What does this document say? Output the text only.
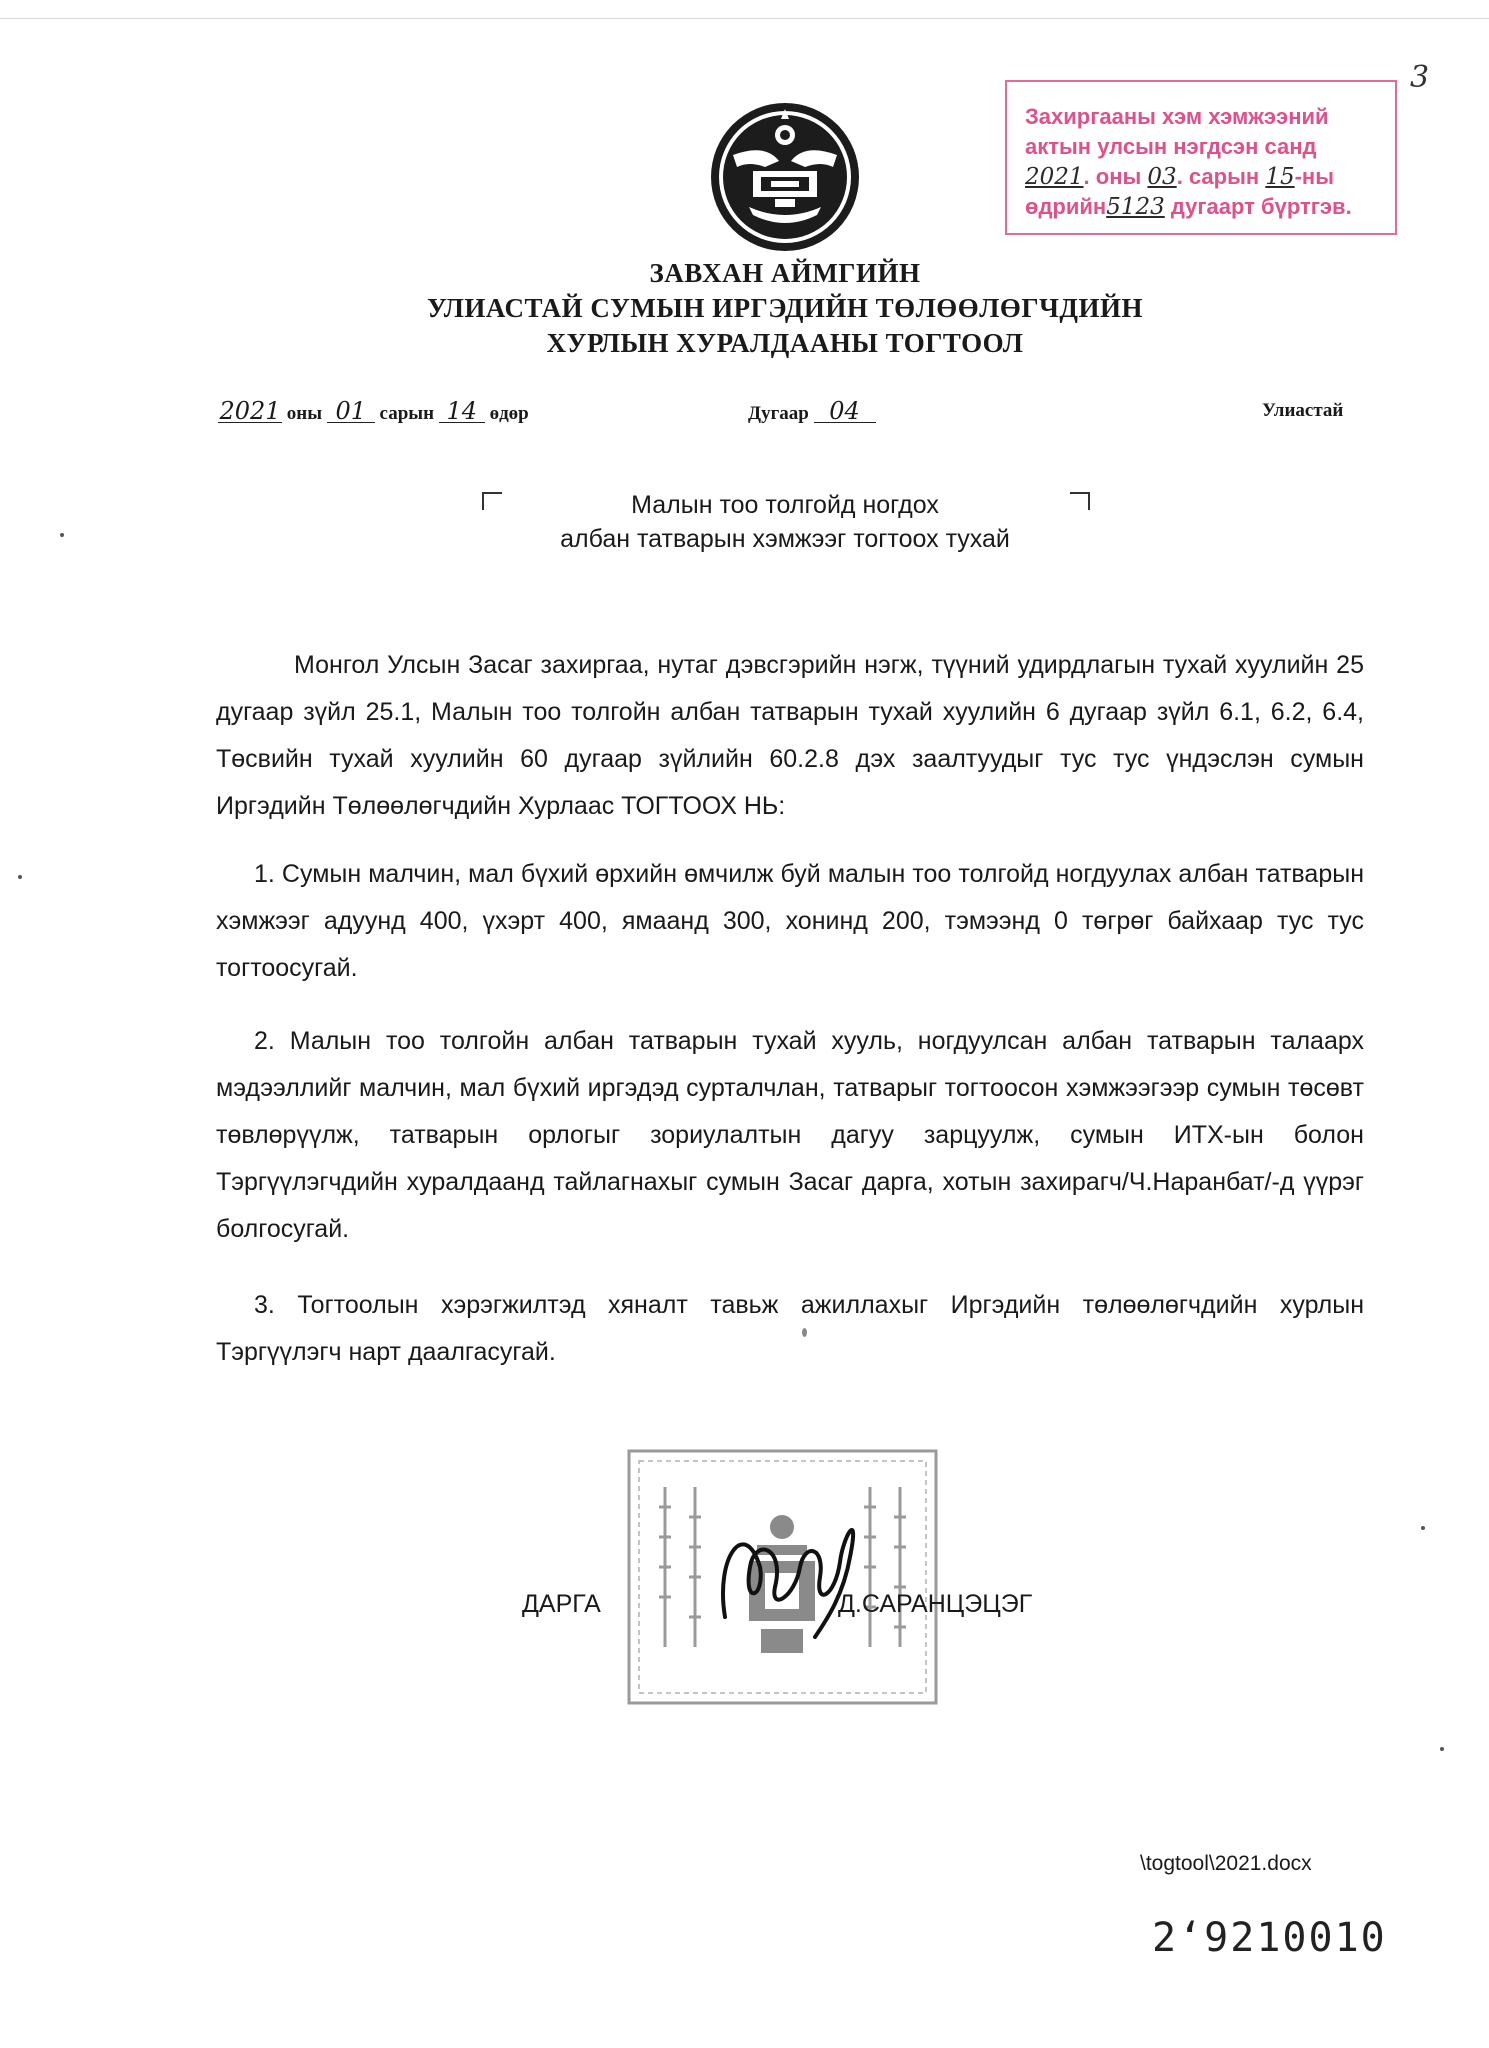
3
Захиргааны хэм хэмжээний
актын улсын нэгдсэн санд
2021. оны 03. сарын 15-ны
өдрийн5123 дугаарт бүртгэв.
ЗАВХАН АЙМГИЙН
УЛИАСТАЙ СУМЫН ИРГЭДИЙН ТӨЛӨӨЛӨГЧДИЙН
ХУРЛЫН ХУРАЛДААНЫ ТОГТООЛ
2021 оны 01 сарын 14 өдөр	Дугаар 04	Улиастай
Малын тоо толгойд ногдох
албан татварын хэмжээг тогтоох тухай
Монгол Улсын Засаг захиргаа, нутаг дэвсгэрийн нэгж, түүний удирдлагын тухай хуулийн 25 дугаар зүйл 25.1, Малын тоо толгойн албан татварын тухай хуулийн 6 дугаар зүйл 6.1, 6.2, 6.4, Төсвийн тухай хуулийн 60 дугаар зүйлийн 60.2.8 дэх заалтуудыг тус тус үндэслэн сумын Иргэдийн Төлөөлөгчдийн Хурлаас ТОГТООХ НЬ:
1. Сумын малчин, мал бүхий өрхийн өмчилж буй малын тоо толгойд ногдуулах албан татварын хэмжээг адуунд 400, үхэрт 400, ямаанд 300, хонинд 200, тэмээнд 0 төгрөг байхаар тус тус тогтоосугай.
2. Малын тоо толгойн албан татварын тухай хууль, ногдуулсан албан татварын талаарх мэдээллийг малчин, мал бүхий иргэдэд сурталчлан, татварыг тогтоосон хэмжээгээр сумын төсөвт төвлөрүүлж, татварын орлогыг зориулалтын дагуу зарцуулж, сумын ИТХ-ын болон Тэргүүлэгчдийн хуралдаанд тайлагнахыг сумын Засаг дарга, хотын захирагч/Ч.Наранбат/-д үүрэг болгосугай.
3. Тогтоолын хэрэгжилтэд хяналт тавьж ажиллахыг Иргэдийн төлөөлөгчдийн хурлын Тэргүүлэгч нарт даалгасугай.
ДАРГА	Д.САРАНЦЭЦЭГ
\togtool\2021.docx
2‘9210010
